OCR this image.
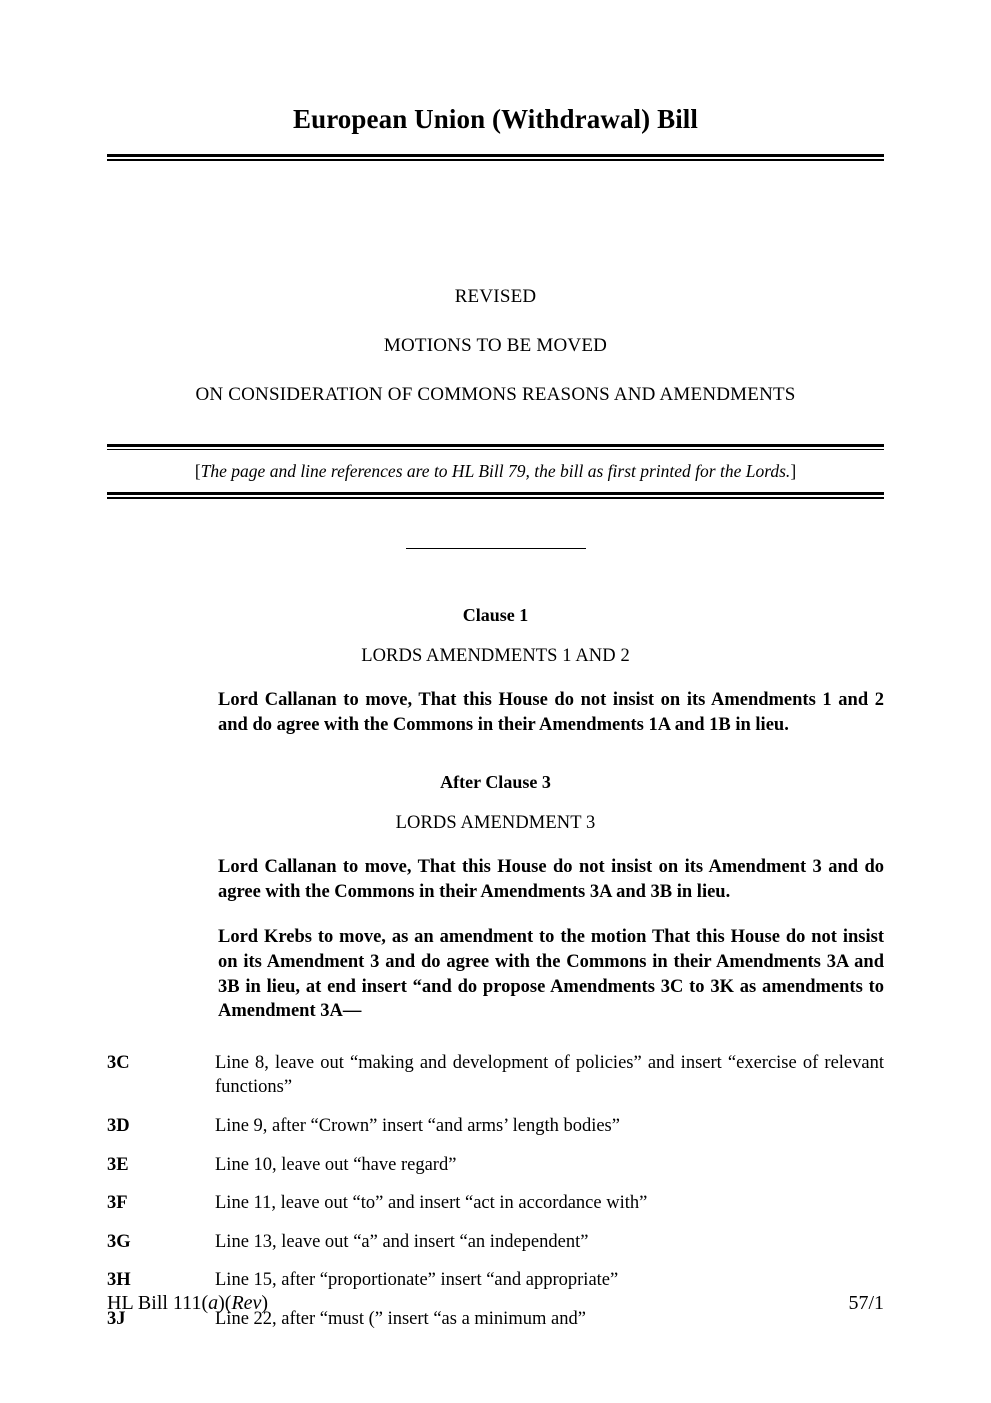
European Union (Withdrawal) Bill

REVISED

MOTIONS TO BE MOVED

ON CONSIDERATION OF COMMONS REASONS AND AMENDMENTS

[The page and line references are to HL Bill 79, the bill as first printed for the Lords.]
Clause 1

LORDS AMENDMENTS 1 AND 2

Lord Callanan to move, That this House do not insist on its Amendments 1 and 2 and do agree with the Commons in their Amendments 1A and 1B in lieu.

After Clause 3

LORDS AMENDMENT 3

Lord Callanan to move, That this House do not insist on its Amendment 3 and do agree with the Commons in their Amendments 3A and 3B in lieu.

Lord Krebs to move, as an amendment to the motion That this House do not insist on its Amendment 3 and do agree with the Commons in their Amendments 3A and 3B in lieu, at end insert “and do propose Amendments 3C to 3K as amendments to Amendment 3A—

3C	Line 8, leave out “making and development of policies” and insert “exercise of relevant functions”
3D	Line 9, after “Crown” insert “and arms’ length bodies”
3E	Line 10, leave out “have regard”
3F	Line 11, leave out “to” and insert “act in accordance with”
3G	Line 13, leave out “a” and insert “an independent”
3H	Line 15, after “proportionate” insert “and appropriate”
3J	Line 22, after “must (” insert “as a minimum and”
HL Bill 111(a)(Rev)	57/1
